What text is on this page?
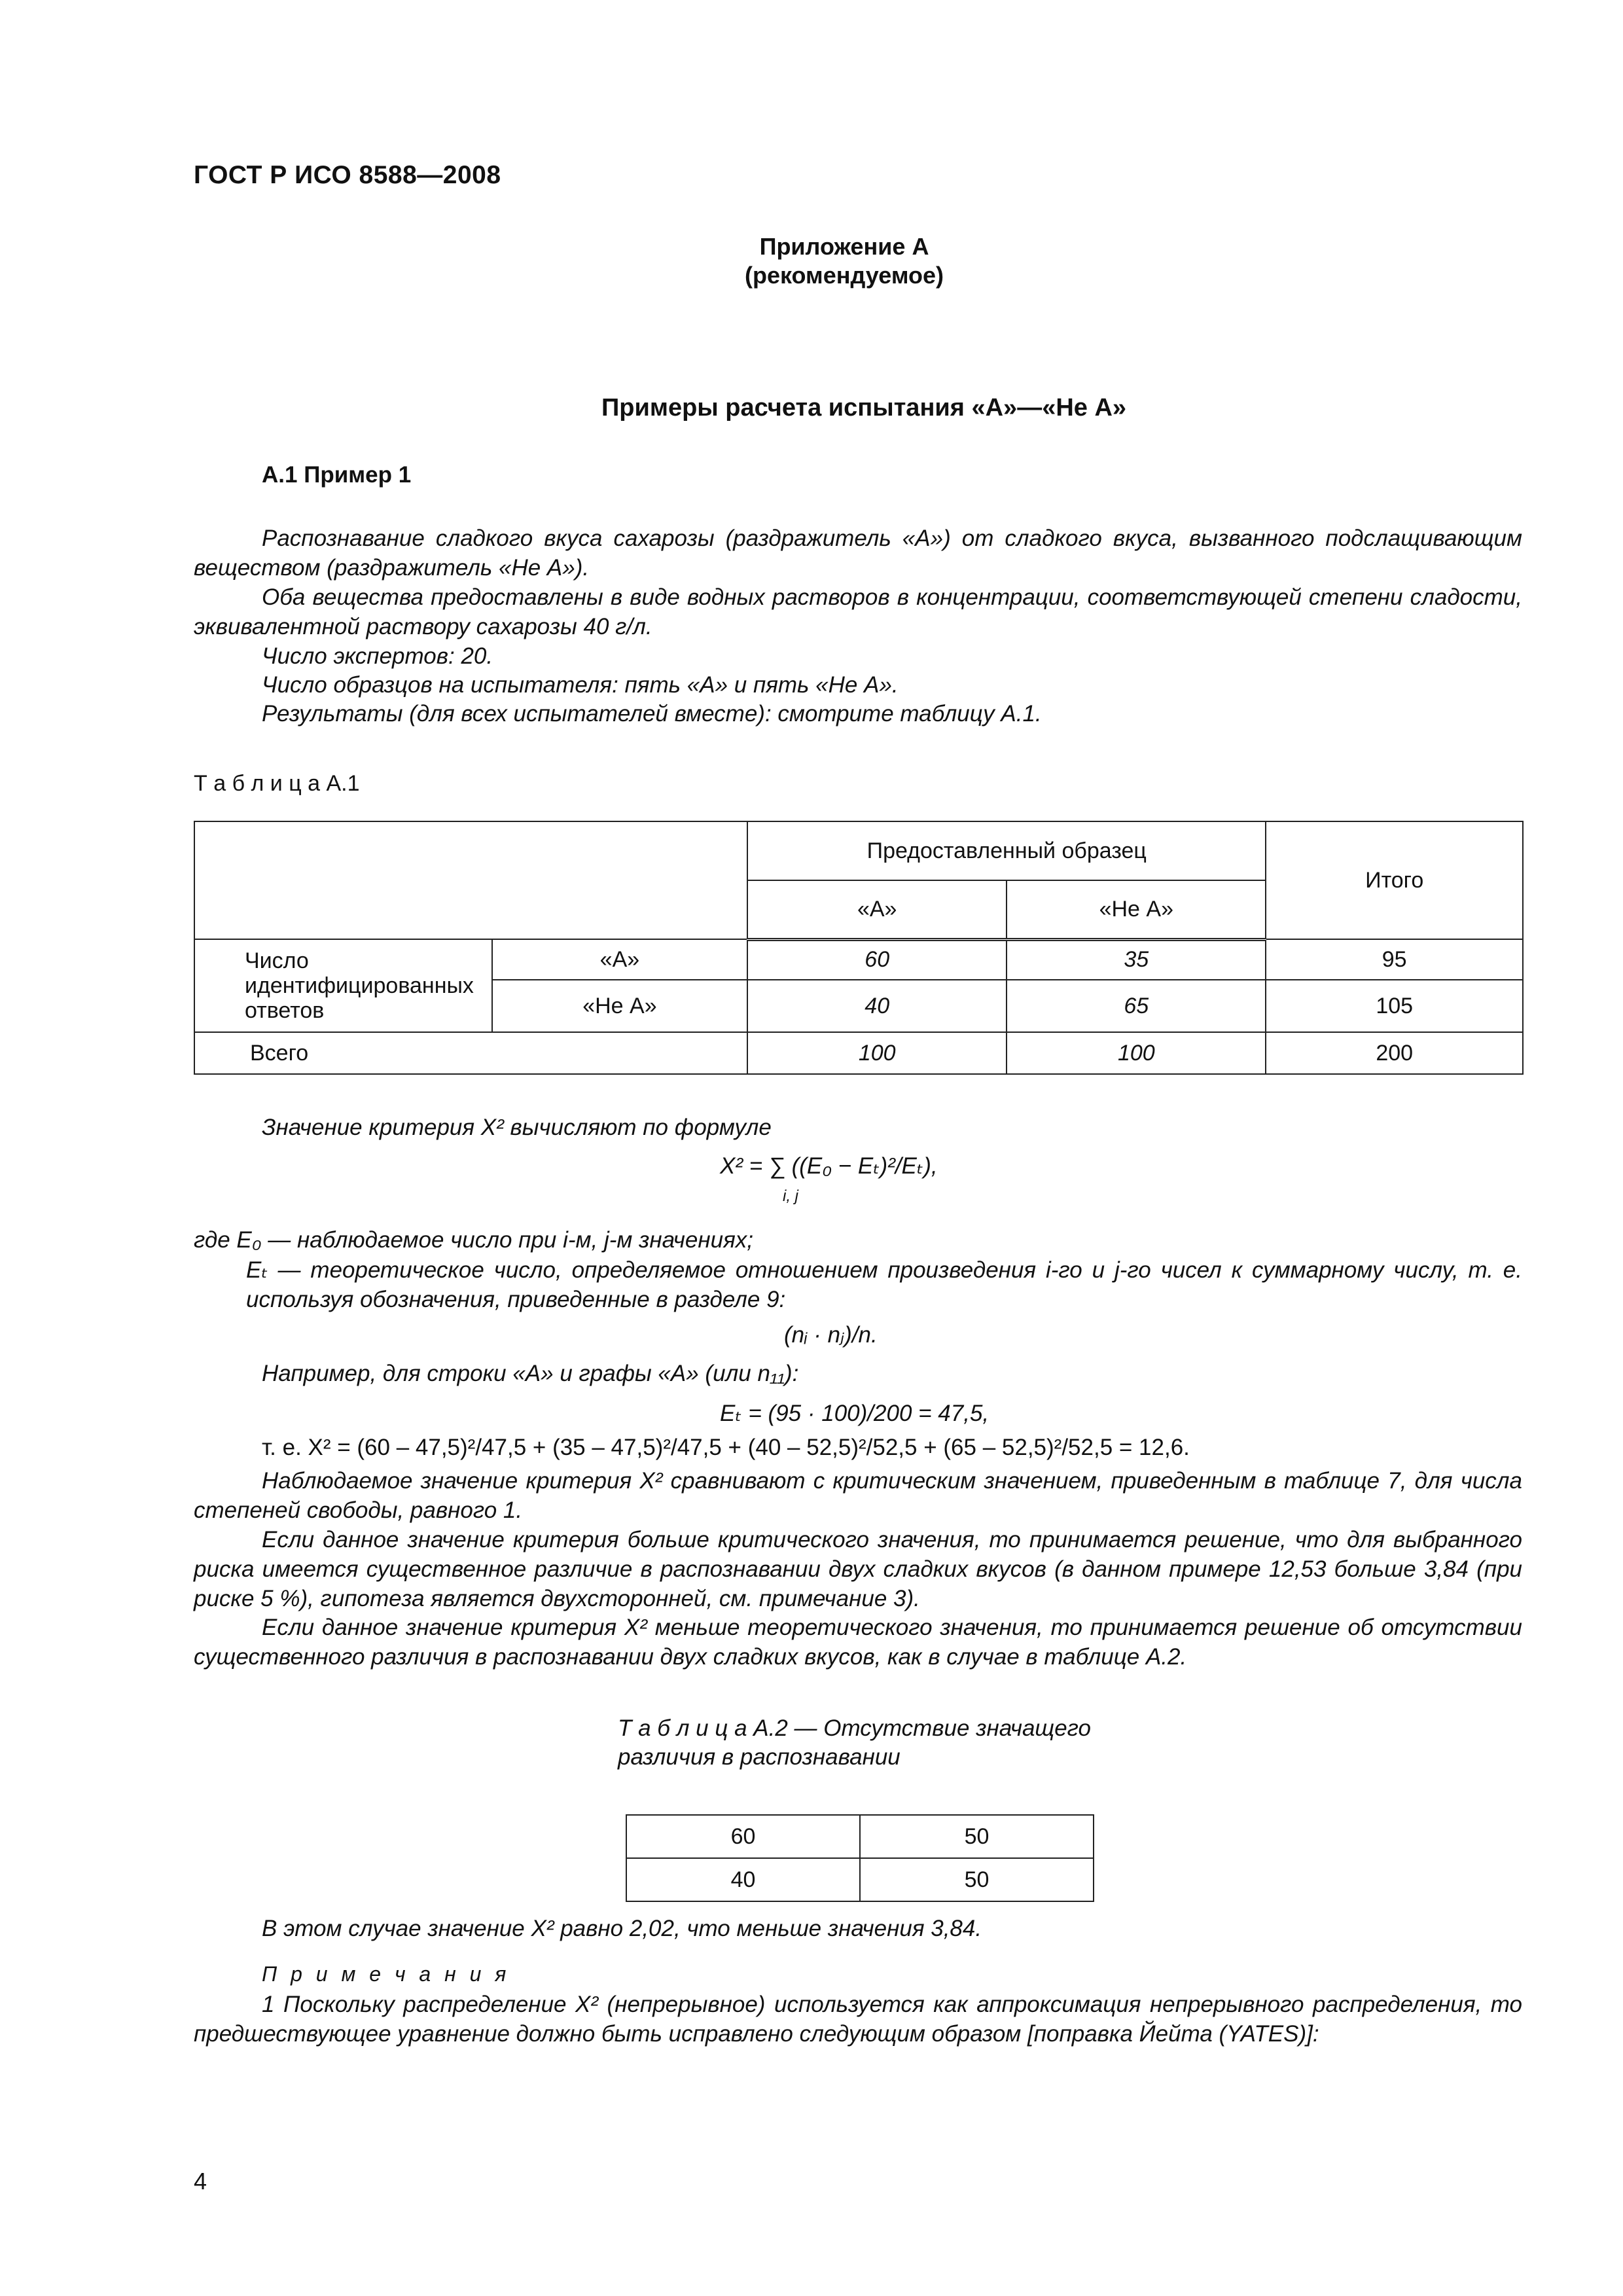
ГОСТ Р ИСО 8588—2008
Приложение А
(рекомендуемое)
Примеры расчета испытания «А»—«Не А»
А.1 Пример 1
Распознавание сладкого вкуса сахарозы (раздражитель «А») от сладкого вкуса, вызванного подслащивающим веществом (раздражитель «Не А»).
Оба вещества предоставлены в виде водных растворов в концентрации, соответствующей степени сладости, эквивалентной раствору сахарозы 40 г/л.
Число экспертов: 20.
Число образцов на испытателя: пять «А» и пять «Не А».
Результаты (для всех испытателей вместе): смотрите таблицу А.1.
Т а б л и ц а А.1
		Предоставленный образец		Итого
		«А»	«Не А»	
Число идентифицированных ответов	«А»	60	35	95
	«Не А»	40	65	105
Всего		100	100	200
Значение критерия X² вычисляют по формуле
X² = ∑ ((E₀ − Eₜ)²/Eₜ),
i, j
где E₀ — наблюдаемое число при i-м, j-м значениях;
Eₜ — теоретическое число, определяемое отношением произведения i-го и j-го чисел к суммарному числу, т. е. используя обозначения, приведенные в разделе 9:
(nᵢ · nⱼ)/n.
Например, для строки «А» и графы «А» (или n₁₁):
Eₜ = (95 · 100)/200 = 47,5,
т. е. X² = (60 – 47,5)²/47,5 + (35 – 47,5)²/47,5 + (40 – 52,5)²/52,5 + (65 – 52,5)²/52,5 = 12,6.
Наблюдаемое значение критерия X² сравнивают с критическим значением, приведенным в таблице 7, для числа степеней свободы, равного 1.
Если данное значение критерия больше критического значения, то принимается решение, что для выбранного риска имеется существенное различие в распознавании двух сладких вкусов (в данном примере 12,53 больше 3,84 (при риске 5 %), гипотеза является двухсторонней, см. примечание 3).
Если данное значение критерия X² меньше теоретического значения, то принимается решение об отсутствии существенного различия в распознавании двух сладких вкусов, как в случае в таблице А.2.
Т а б л и ц а А.2 — Отсутствие значащего
различия в распознавании
60	50
40	50
В этом случае значение X² равно 2,02, что меньше значения 3,84.
П р и м е ч а н и я
1 Поскольку распределение X² (непрерывное) используется как аппроксимация непрерывного распределения, то предшествующее уравнение должно быть исправлено следующим образом [поправка Йейта (YATES)]:
4
